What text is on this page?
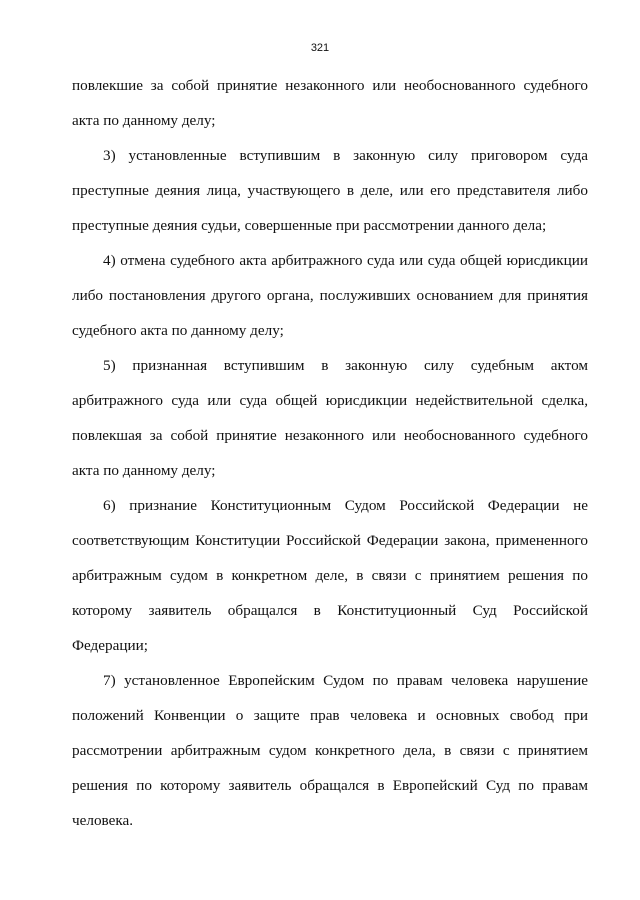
321

повлекшие за собой принятие незаконного или необоснованного судебного акта по данному делу;

3) установленные вступившим в законную силу приговором суда преступные деяния лица, участвующего в деле, или его представителя либо преступные деяния судьи, совершенные при рассмотрении данного дела;

4) отмена судебного акта арбитражного суда или суда общей юрисдикции либо постановления другого органа, послуживших основанием для принятия судебного акта по данному делу;

5) признанная вступившим в законную силу судебным актом арбитражного суда или суда общей юрисдикции недействительной сделка, повлекшая за собой принятие незаконного или необоснованного судебного акта по данному делу;

6) признание Конституционным Судом Российской Федерации не соответствующим Конституции Российской Федерации закона, примененного арбитражным судом в конкретном деле, в связи с принятием решения по которому заявитель обращался в Конституционный Суд Российской Федерации;

7) установленное Европейским Судом по правам человека нарушение положений Конвенции о защите прав человека и основных свобод при рассмотрении арбитражным судом конкретного дела, в связи с принятием решения по которому заявитель обращался в Европейский Суд по правам человека.
